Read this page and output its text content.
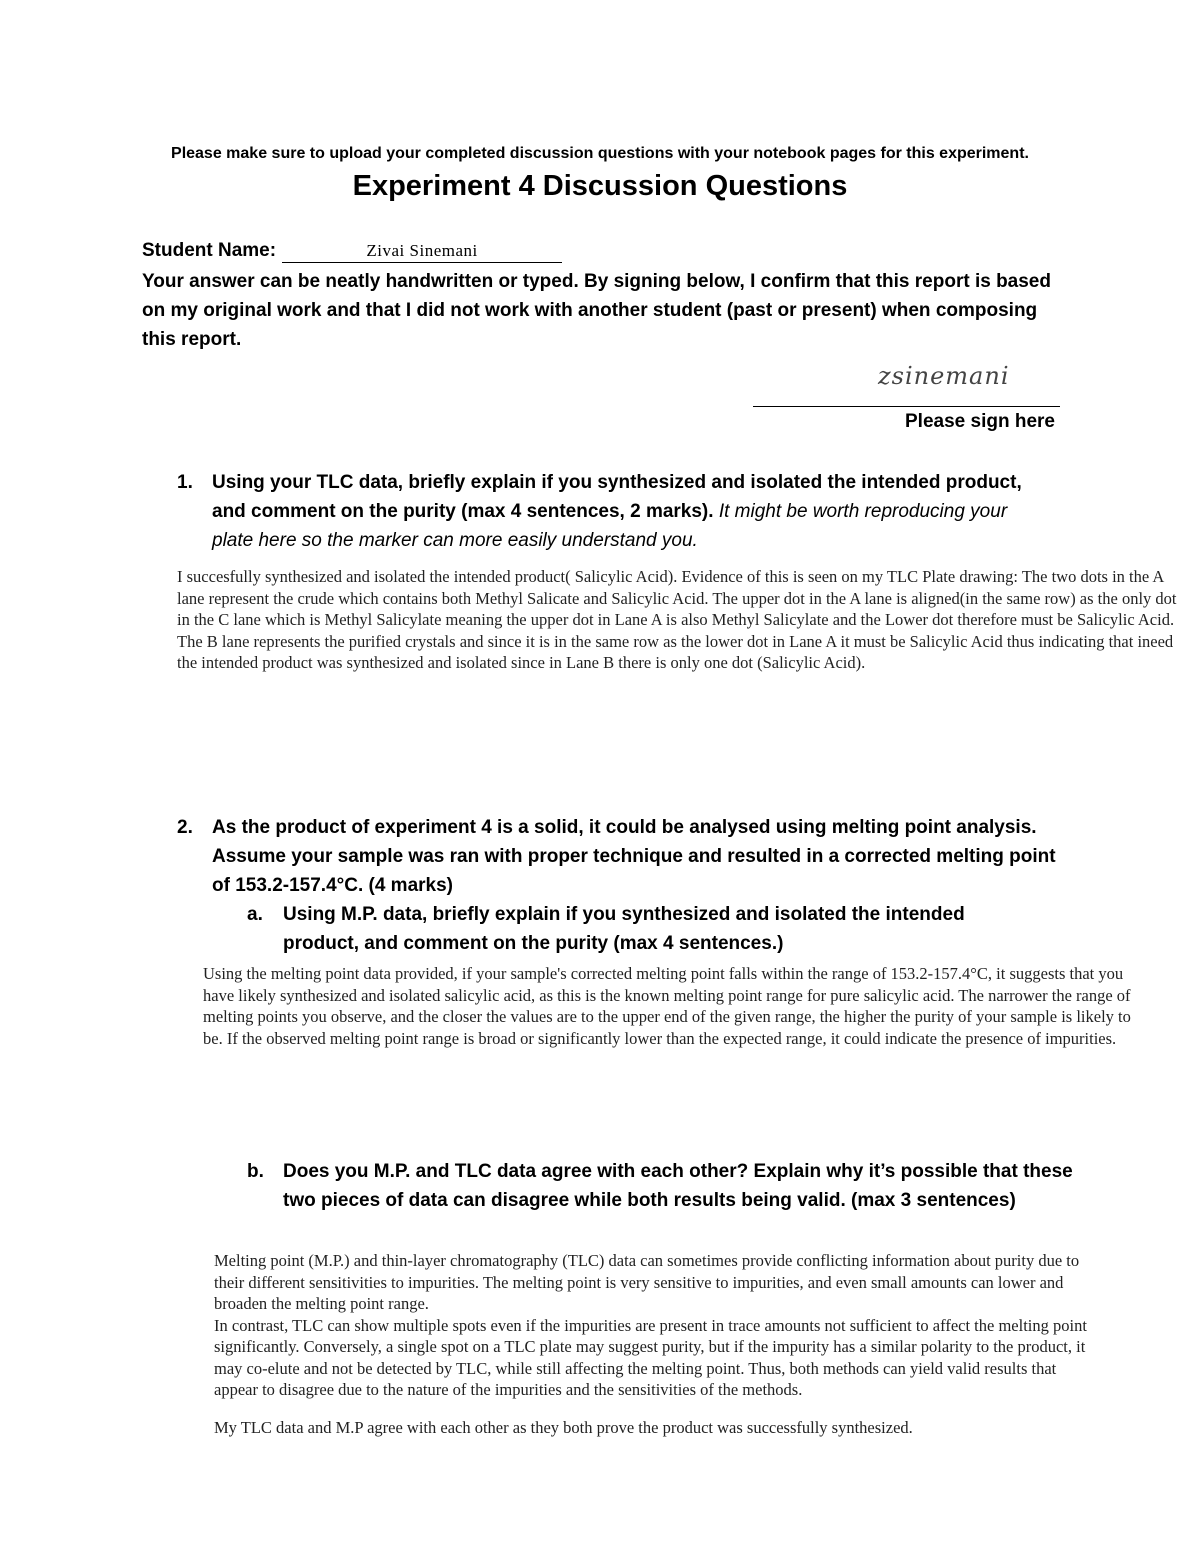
Please make sure to upload your completed discussion questions with your notebook pages for this experiment.

Experiment 4 Discussion Questions
Student Name:	Zivai Sinemani

Your answer can be neatly handwritten or typed. By signing below, I confirm that this report is based on my original work and that I did not work with another student (past or present) when composing this report.

zsinemani
Please sign here
1. Using your TLC data, briefly explain if you synthesized and isolated the intended product, and comment on the purity (max 4 sentences, 2 marks). It might be worth reproducing your plate here so the marker can more easily understand you.

I succesfully synthesized and isolated the intended product( Salicylic Acid). Evidence of this is seen on my TLC Plate drawing: The two dots in the A lane represent the crude which contains both Methyl Salicate and Salicylic Acid. The upper dot in the A lane is aligned(in the same row) as the only dot in the C lane which is Methyl Salicylate meaning the upper dot in Lane A is also Methyl Salicylate and the Lower dot therefore must be Salicylic Acid. The B lane represents the purified crystals and since it is in the same row as the lower dot in Lane A it must be Salicylic Acid thus indicating that ineed the intended product was synthesized and isolated since in Lane B there is only one dot (Salicylic Acid).

2. As the product of experiment 4 is a solid, it could be analysed using melting point analysis. Assume your sample was ran with proper technique and resulted in a corrected melting point of 153.2-157.4°C. (4 marks)

a. Using M.P. data, briefly explain if you synthesized and isolated the intended product, and comment on the purity (max 4 sentences.)

Using the melting point data provided, if your sample's corrected melting point falls within the range of 153.2-157.4°C, it suggests that you have likely synthesized and isolated salicylic acid, as this is the known melting point range for pure salicylic acid. The narrower the range of melting points you observe, and the closer the values are to the upper end of the given range, the higher the purity of your sample is likely to be. If the observed melting point range is broad or significantly lower than the expected range, it could indicate the presence of impurities.

b. Does you M.P. and TLC data agree with each other? Explain why it’s possible that these two pieces of data can disagree while both results being valid. (max 3 sentences)

Melting point (M.P.) and thin-layer chromatography (TLC) data can sometimes provide conflicting information about purity due to their different sensitivities to impurities. The melting point is very sensitive to impurities, and even small amounts can lower and broaden the melting point range.

In contrast, TLC can show multiple spots even if the impurities are present in trace amounts not sufficient to affect the melting point significantly. Conversely, a single spot on a TLC plate may suggest purity, but if the impurity has a similar polarity to the product, it may co-elute and not be detected by TLC, while still affecting the melting point. Thus, both methods can yield valid results that appear to disagree due to the nature of the impurities and the sensitivities of the methods.

My TLC data and M.P agree with each other as they both prove the product was successfully synthesized.
